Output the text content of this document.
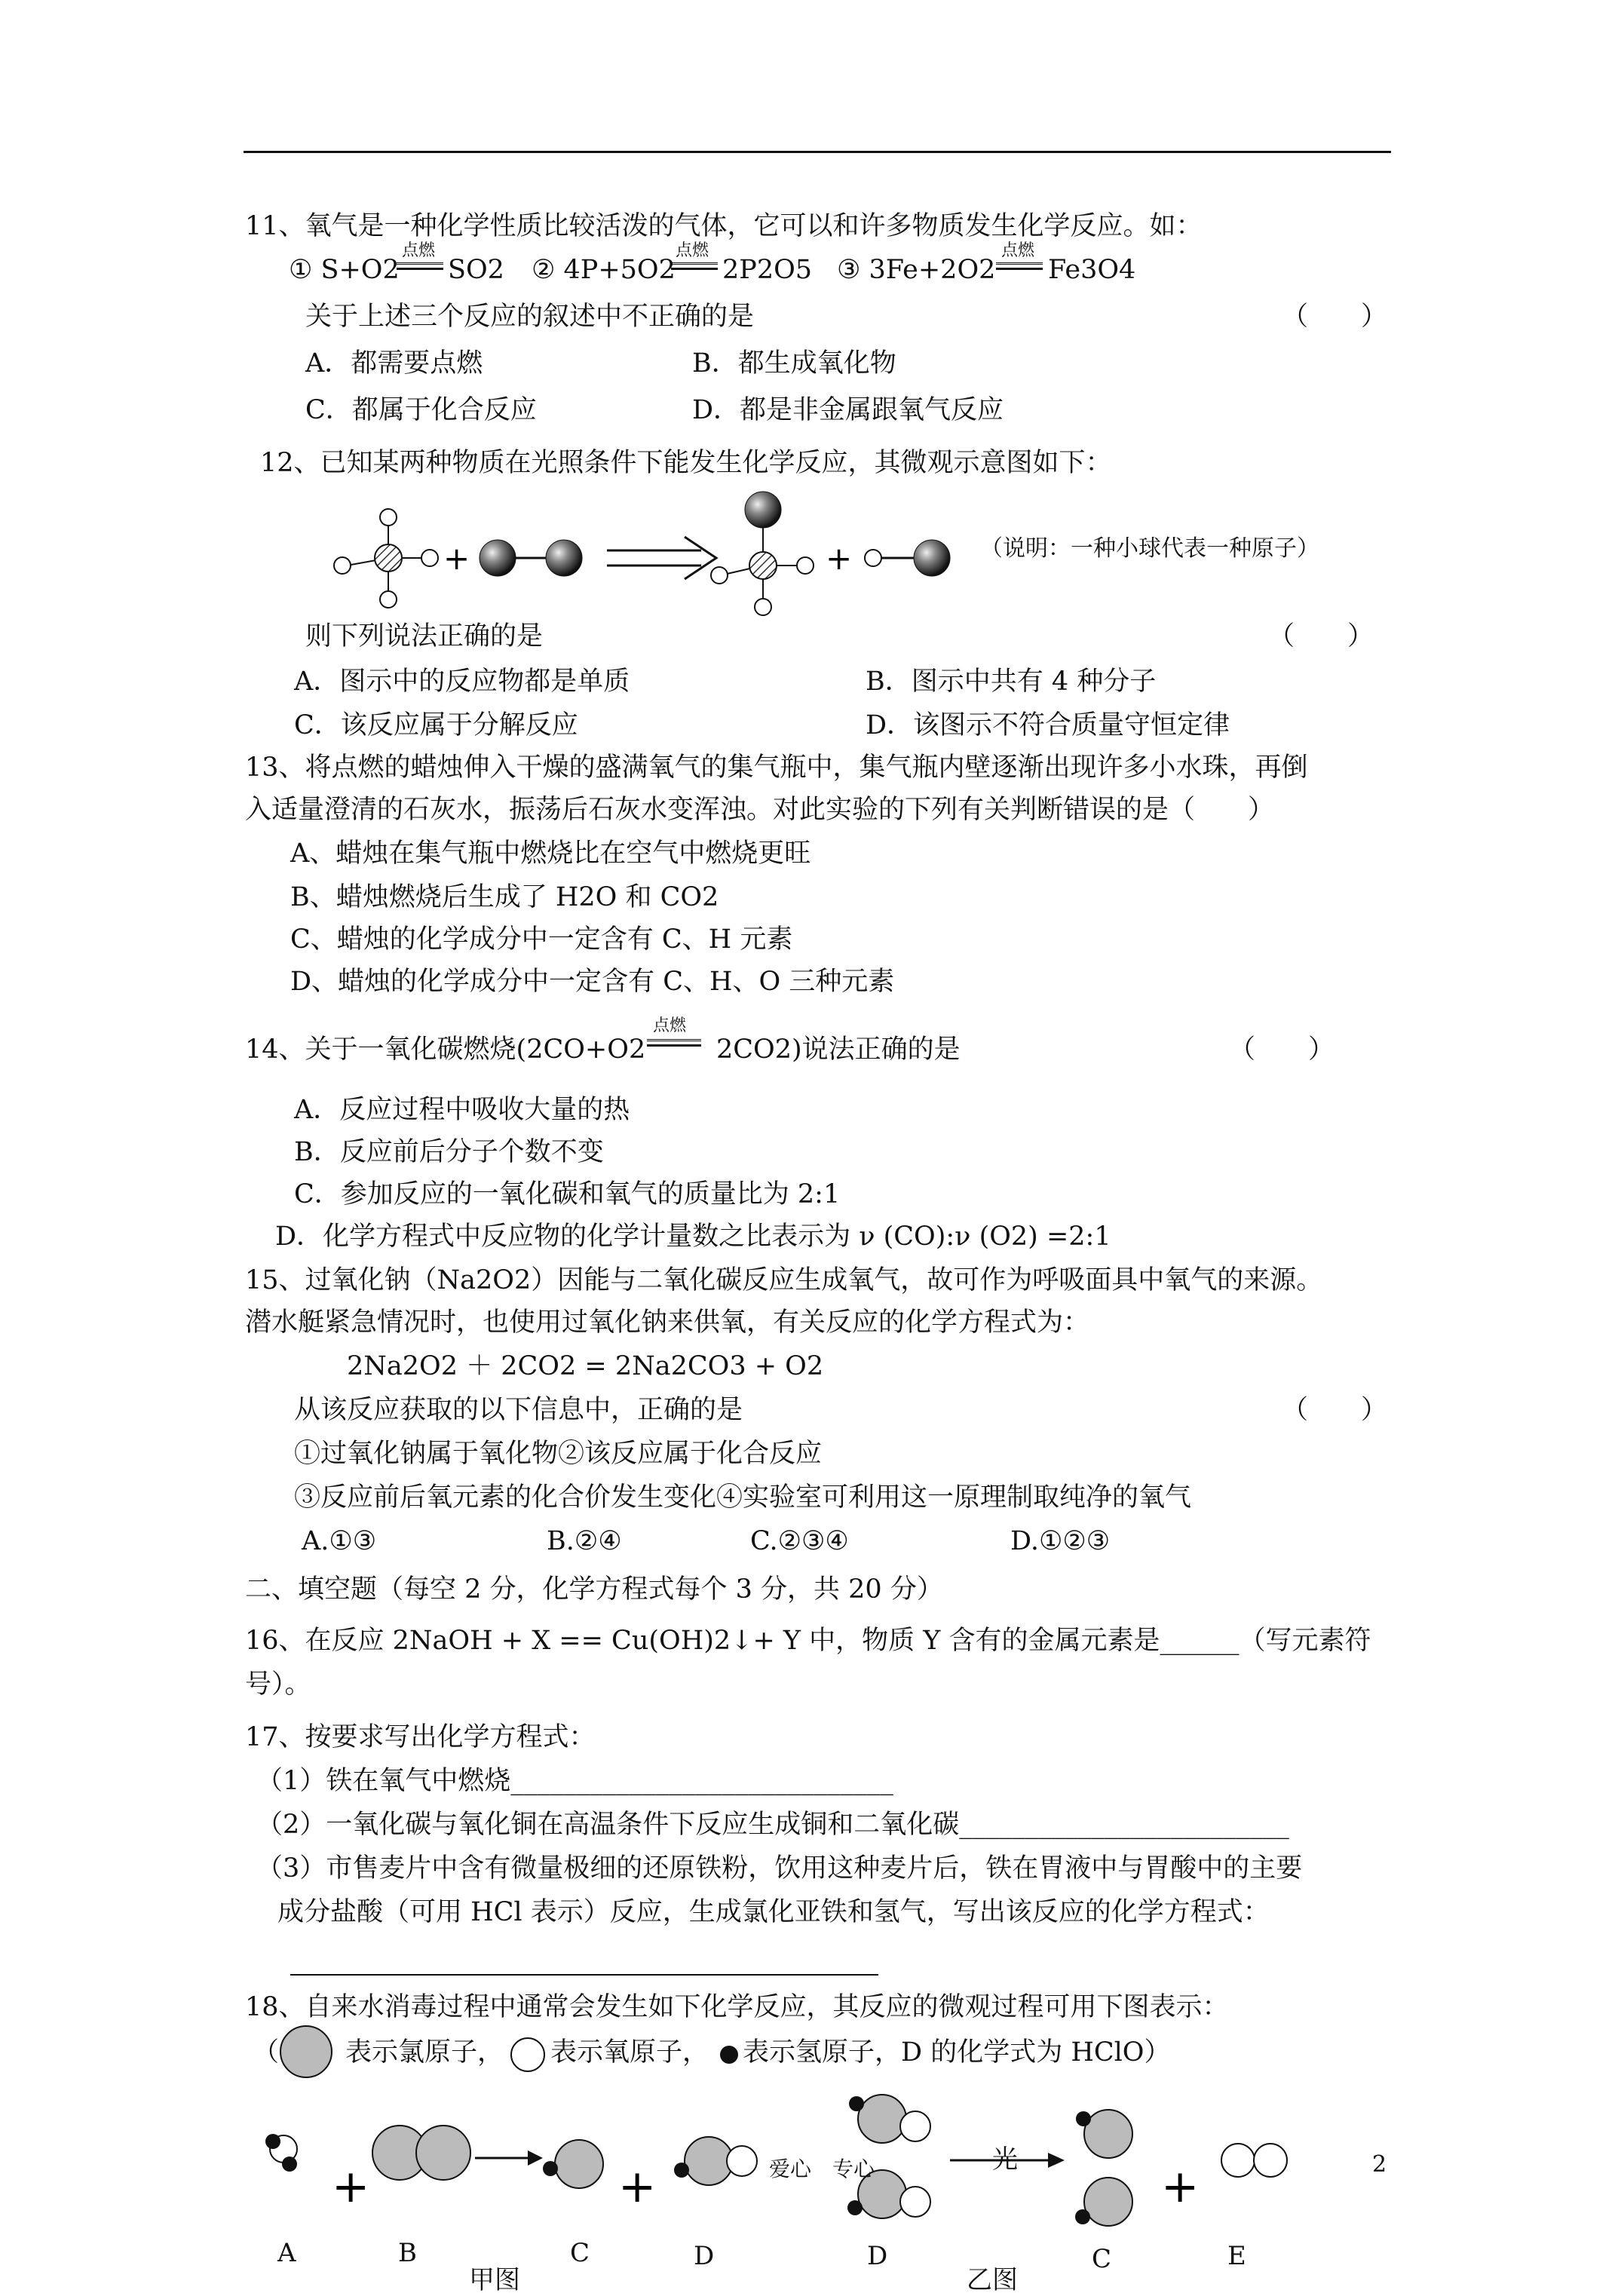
11、氧气是一种化学性质比较活泼的气体，它可以和许多物质发生化学反应。如：
① S+O2
点燃
SO2 ② 4P+5O2
点燃
2P2O5 ③ 3Fe+2O2
点燃
Fe3O4
关于上述三个反应的叙述中不正确的是	（　　）
A．都需要点燃	B．都生成氧化物
C．都属于化合反应	D．都是非金属跟氧气反应
12、已知某两种物质在光照条件下能发生化学反应，其微观示意图如下：
+	+	（说明：一种小球代表一种原子）
则下列说法正确的是	（　　）
A．图示中的反应物都是单质	B．图示中共有 4 种分子
C．该反应属于分解反应	D．该图示不符合质量守恒定律
13、将点燃的蜡烛伸入干燥的盛满氧气的集气瓶中，集气瓶内壁逐渐出现许多小水珠，再倒
入适量澄清的石灰水，振荡后石灰水变浑浊。对此实验的下列有关判断错误的是（　　）
A、蜡烛在集气瓶中燃烧比在空气中燃烧更旺
B、蜡烛燃烧后生成了 H2O 和 CO2
C、蜡烛的化学成分中一定含有 C、H 元素
D、蜡烛的化学成分中一定含有 C、H、O 三种元素
14、关于一氧化碳燃烧(2CO+O2
点燃
2CO2)说法正确的是	（　　）
A．反应过程中吸收大量的热
B．反应前后分子个数不变
C．参加反应的一氧化碳和氧气的质量比为 2:1
D．化学方程式中反应物的化学计量数之比表示为 ν (CO):ν (O2) =2:1
15、过氧化钠（Na2O2）因能与二氧化碳反应生成氧气，故可作为呼吸面具中氧气的来源。
潜水艇紧急情况时，也使用过氧化钠来供氧，有关反应的化学方程式为：
2Na2O2 ＋ 2CO2 = 2Na2CO3 + O2
从该反应获取的以下信息中，正确的是	（　　）
①过氧化钠属于氧化物②该反应属于化合反应
③反应前后氧元素的化合价发生变化④实验室可利用这一原理制取纯净的氧气
A.①③	B.②④	C.②③④	D.①②③
二、填空题（每空 2 分，化学方程式每个 3 分，共 20 分）
16、在反应 2NaOH + X == Cu(OH)2↓+ Y 中，物质 Y 含有的金属元素是______（写元素符
号）。
17、按要求写出化学方程式：
（1）铁在氧气中燃烧_____________________________
（2）一氧化碳与氧化铜在高温条件下反应生成铜和二氧化碳_________________________
（3）市售麦片中含有微量极细的还原铁粉，饮用这种麦片后，铁在胃液中与胃酸中的主要
成分盐酸（可用 HCl 表示）反应，生成氯化亚铁和氢气，写出该反应的化学方程式：
18、自来水消毒过程中通常会发生如下化学反应，其反应的微观过程可用下图表示：
（	表示氯原子， 表示氧原子， 表示氢原子，D 的化学式为 HClO）
+	+	+
爱心　专心	光	2
A	B	C	D	D	C	E
甲图	乙图
